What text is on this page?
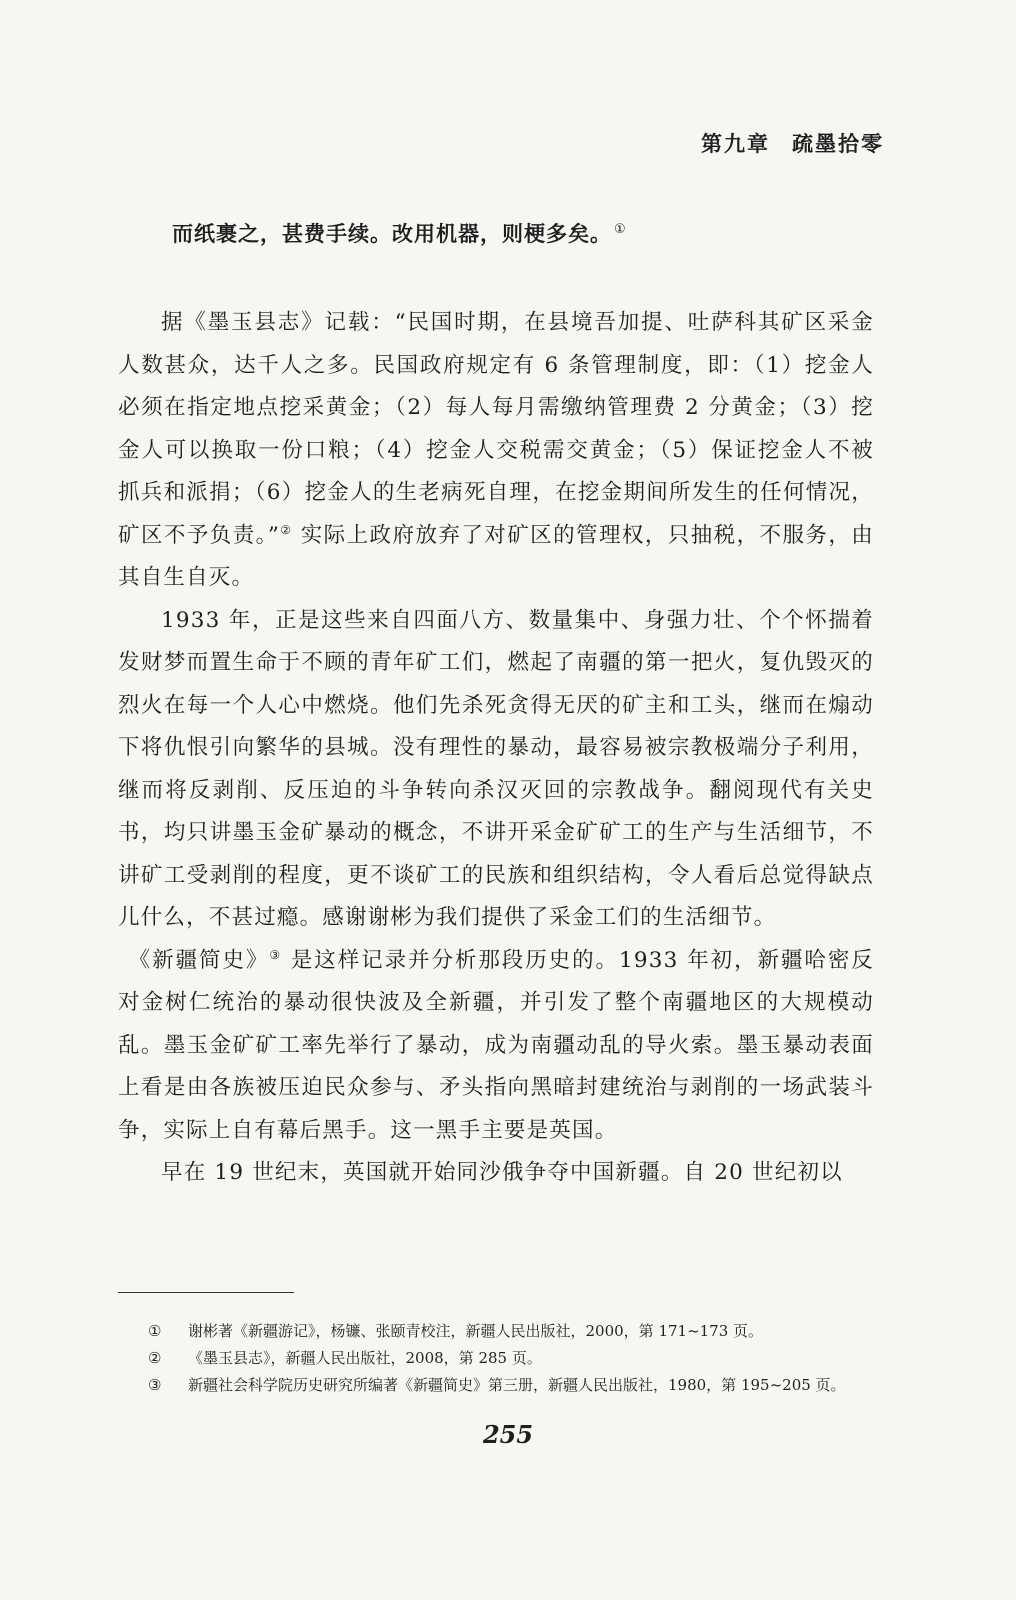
第九章 疏墨拾零
而纸裹之，甚费手续。改用机器，则梗多矣。 ①

据《墨玉县志》记载：“民国时期，在县境吾加提、吐萨科其矿区采金人数甚众，达千人之多。民国政府规定有 6 条管理制度，即：（1）挖金人必须在指定地点挖采黄金；（2）每人每月需缴纳管理费 2 分黄金；（3）挖金人可以换取一份口粮；（4）挖金人交税需交黄金；（5）保证挖金人不被抓兵和派捐；（6）挖金人的生老病死自理，在挖金期间所发生的任何情况，矿区不予负责。”② 实际上政府放弃了对矿区的管理权，只抽税，不服务，由其自生自灭。

1933 年，正是这些来自四面八方、数量集中、身强力壮、个个怀揣着发财梦而置生命于不顾的青年矿工们，燃起了南疆的第一把火，复仇毁灭的烈火在每一个人心中燃烧。他们先杀死贪得无厌的矿主和工头，继而在煽动下将仇恨引向繁华的县城。没有理性的暴动，最容易被宗教极端分子利用，继而将反剥削、反压迫的斗争转向杀汉灭回的宗教战争。翻阅现代有关史书，均只讲墨玉金矿暴动的概念，不讲开采金矿矿工的生产与生活细节，不讲矿工受剥削的程度，更不谈矿工的民族和组织结构，令人看后总觉得缺点儿什么，不甚过瘾。感谢谢彬为我们提供了采金工们的生活细节。

《新疆简史》③ 是这样记录并分析那段历史的。1933 年初，新疆哈密反对金树仁统治的暴动很快波及全新疆，并引发了整个南疆地区的大规模动乱。墨玉金矿矿工率先举行了暴动，成为南疆动乱的导火索。墨玉暴动表面上看是由各族被压迫民众参与、矛头指向黑暗封建统治与剥削的一场武装斗争，实际上自有幕后黑手。这一黑手主要是英国。

早在 19 世纪末，英国就开始同沙俄争夺中国新疆。自 20 世纪初以

①	谢彬著《新疆游记》，杨镰、张颐青校注，新疆人民出版社，2000，第 171~173 页。
②	《墨玉县志》，新疆人民出版社，2008，第 285 页。
③	新疆社会科学院历史研究所编著《新疆简史》第三册，新疆人民出版社，1980，第 195~205 页。
255
